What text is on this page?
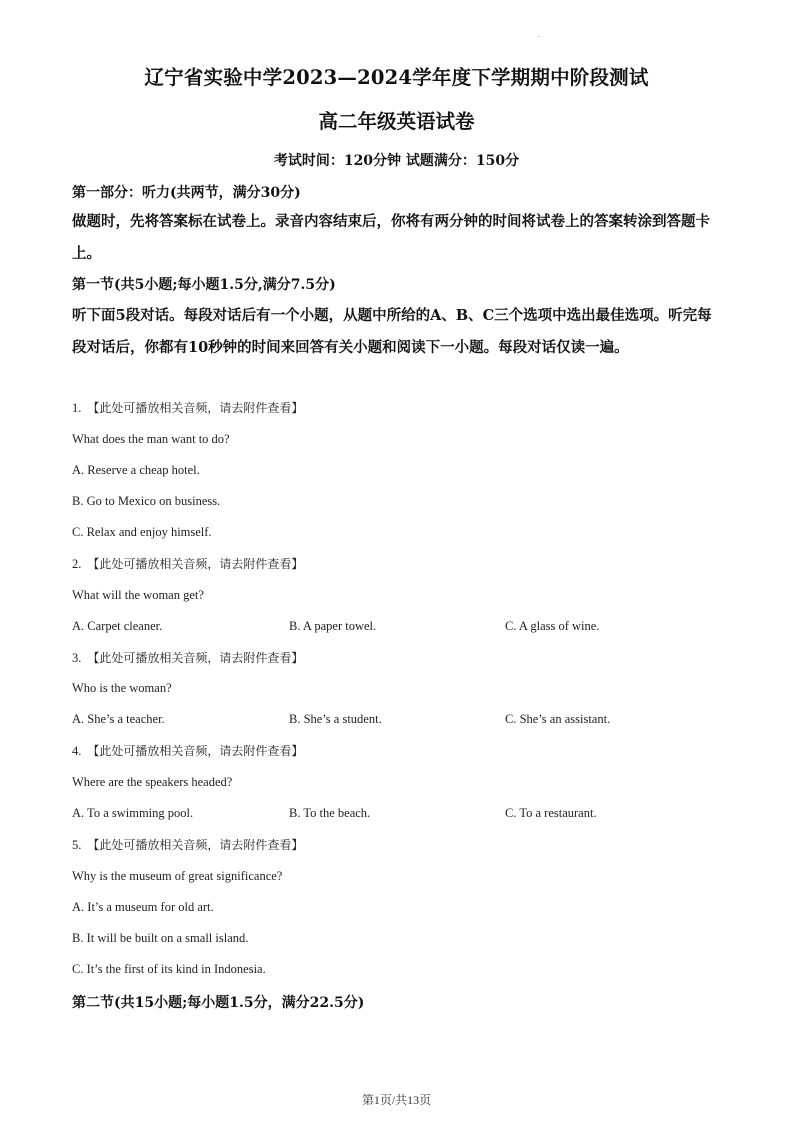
.
辽宁省实验中学2023—2024学年度下学期期中阶段测试
高二年级英语试卷
考试时间：120分钟 试题满分：150分
第一部分：听力(共两节，满分30分)
做题时，先将答案标在试卷上。录音内容结束后，你将有两分钟的时间将试卷上的答案转涂到答题卡上。
第一节(共5小题;每小题1.5分,满分7.5分)
听下面5段对话。每段对话后有一个小题，从题中所给的A、B、C三个选项中选出最佳选项。听完每段对话后，你都有10秒钟的时间来回答有关小题和阅读下一小题。每段对话仅读一遍。
1. 【此处可播放相关音频，请去附件查看】
What does the man want to do?
A. Reserve a cheap hotel.
B. Go to Mexico on business.
C. Relax and enjoy himself.
2. 【此处可播放相关音频，请去附件查看】
What will the woman get?
A. Carpet cleaner.	B. A paper towel.	C. A glass of wine.
3. 【此处可播放相关音频，请去附件查看】
Who is the woman?
A. She’s a teacher.	B. She’s a student.	C. She’s an assistant.
4. 【此处可播放相关音频，请去附件查看】
Where are the speakers headed?
A. To a swimming pool.	B. To the beach.	C. To a restaurant.
5. 【此处可播放相关音频，请去附件查看】
Why is the museum of great significance?
A. It’s a museum for old art.
B. It will be built on a small island.
C. It’s the first of its kind in Indonesia.
第二节(共15小题;每小题1.5分，满分22.5分)
第1页/共13页
